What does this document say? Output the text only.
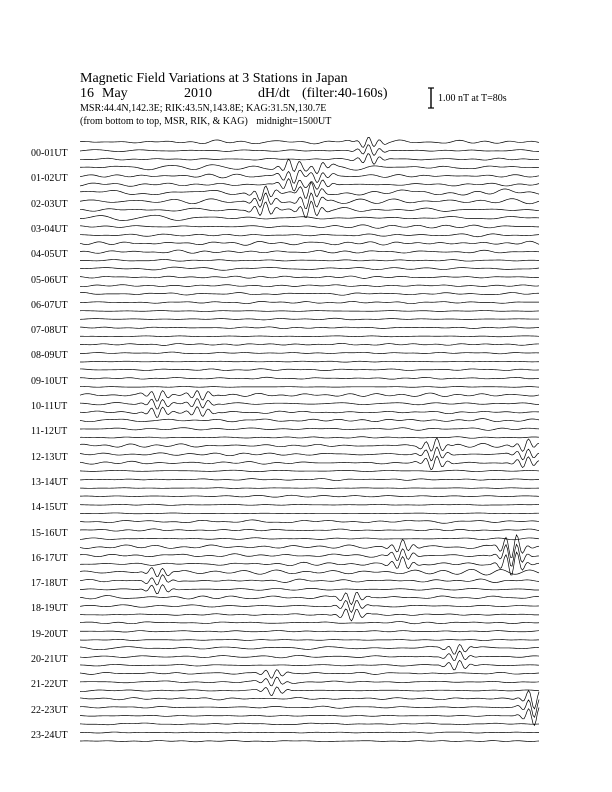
Magnetic Field Variations at 3 Stations in Japan
16 May	2010	dH/dt (filter:40-160s)
MSR:44.4N,142.3E; RIK:43.5N,143.8E; KAG:31.5N,130.7E
(from bottom to top, MSR, RIK, & KAG) midnight=1500UT
1.00 nT at T=80s
00-01UT
01-02UT
02-03UT
03-04UT
04-05UT
05-06UT
06-07UT
07-08UT
08-09UT
09-10UT
10-11UT
11-12UT
12-13UT
13-14UT
14-15UT
15-16UT
16-17UT
17-18UT
18-19UT
19-20UT
20-21UT
21-22UT
22-23UT
23-24UT
